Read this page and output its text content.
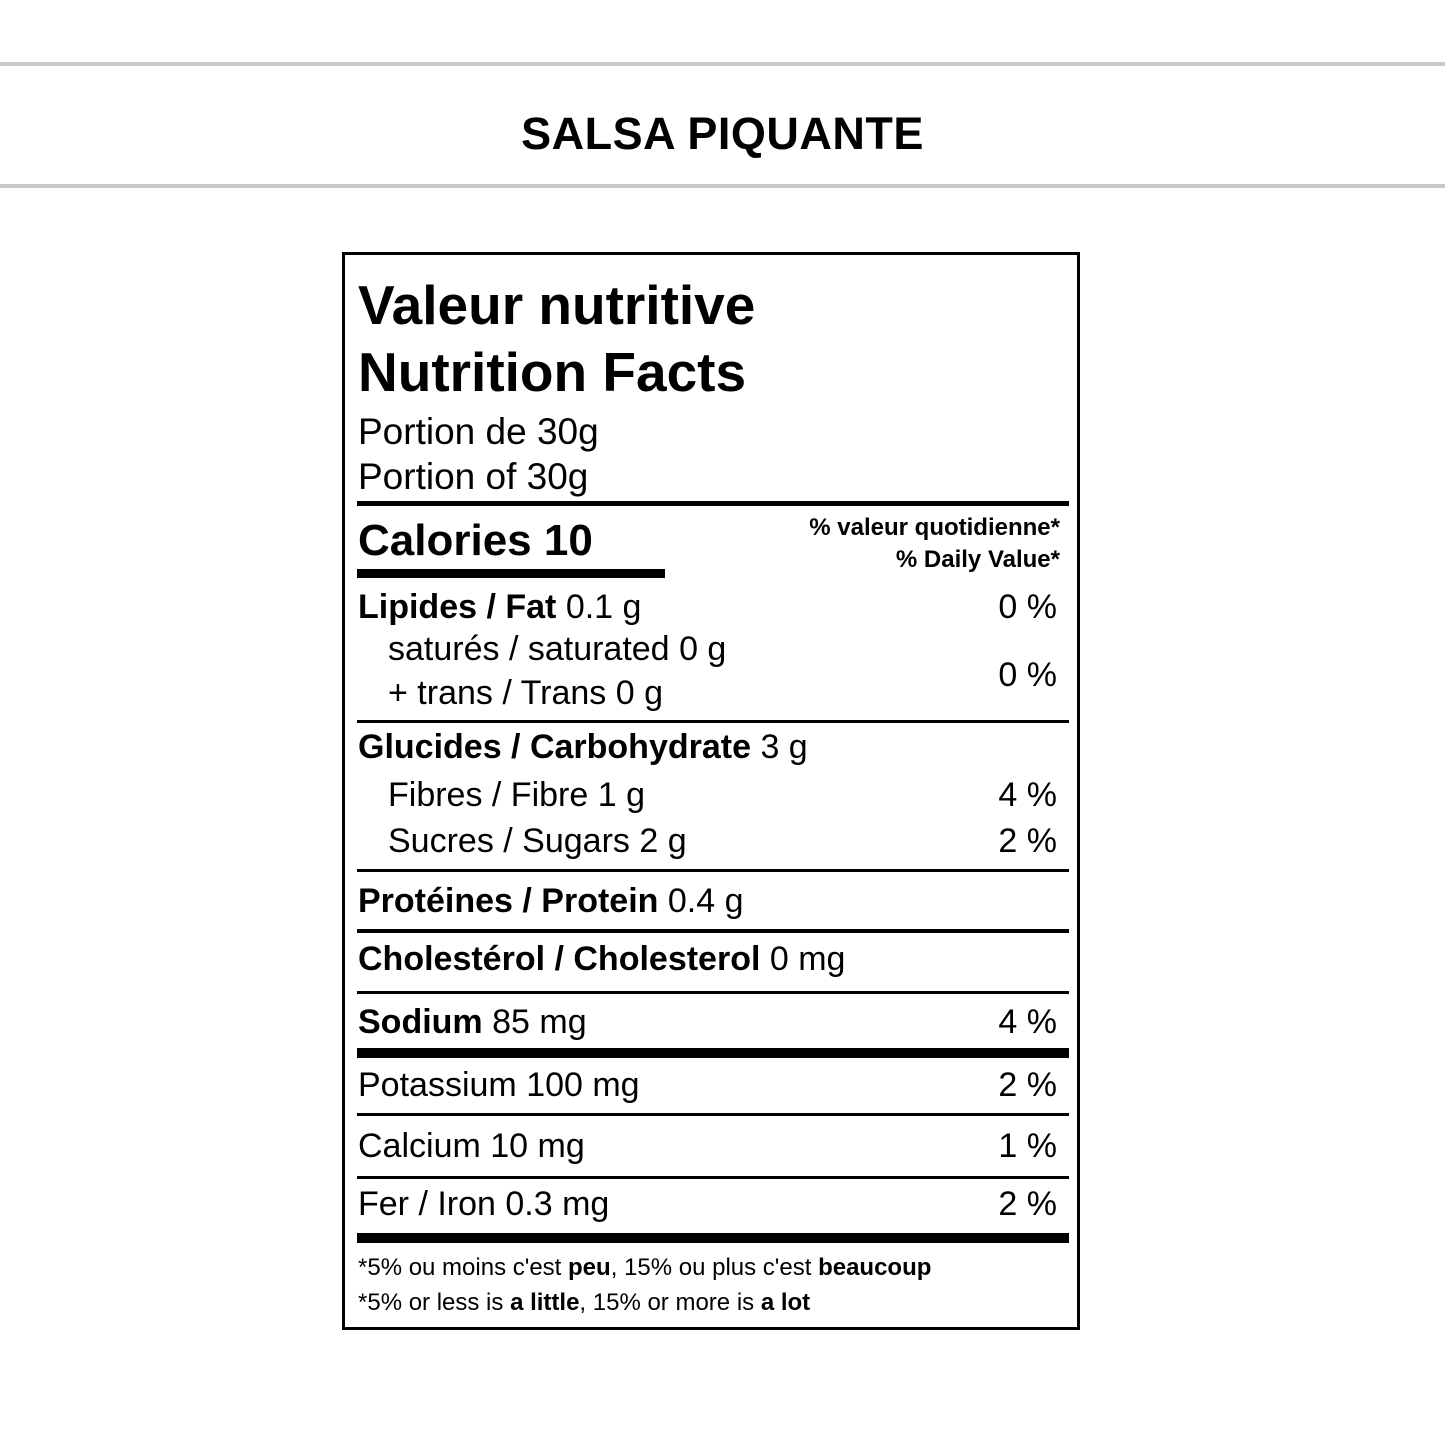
SALSA PIQUANTE
Valeur nutritive
Nutrition Facts
Portion de 30g
Portion of 30g
Calories 10	% valeur quotidienne*
% Daily Value*
Lipides / Fat 0.1 g	0 %
saturés / saturated 0 g
+ trans / Trans 0 g	0 %
Glucides / Carbohydrate 3 g
Fibres / Fibre 1 g	4 %
Sucres / Sugars 2 g	2 %
Protéines / Protein 0.4 g
Cholestérol / Cholesterol 0 mg
Sodium 85 mg	4 %
Potassium 100 mg	2 %
Calcium 10 mg	1 %
Fer / Iron 0.3 mg	2 %
*5% ou moins c'est peu, 15% ou plus c'est beaucoup
*5% or less is a little, 15% or more is a lot
